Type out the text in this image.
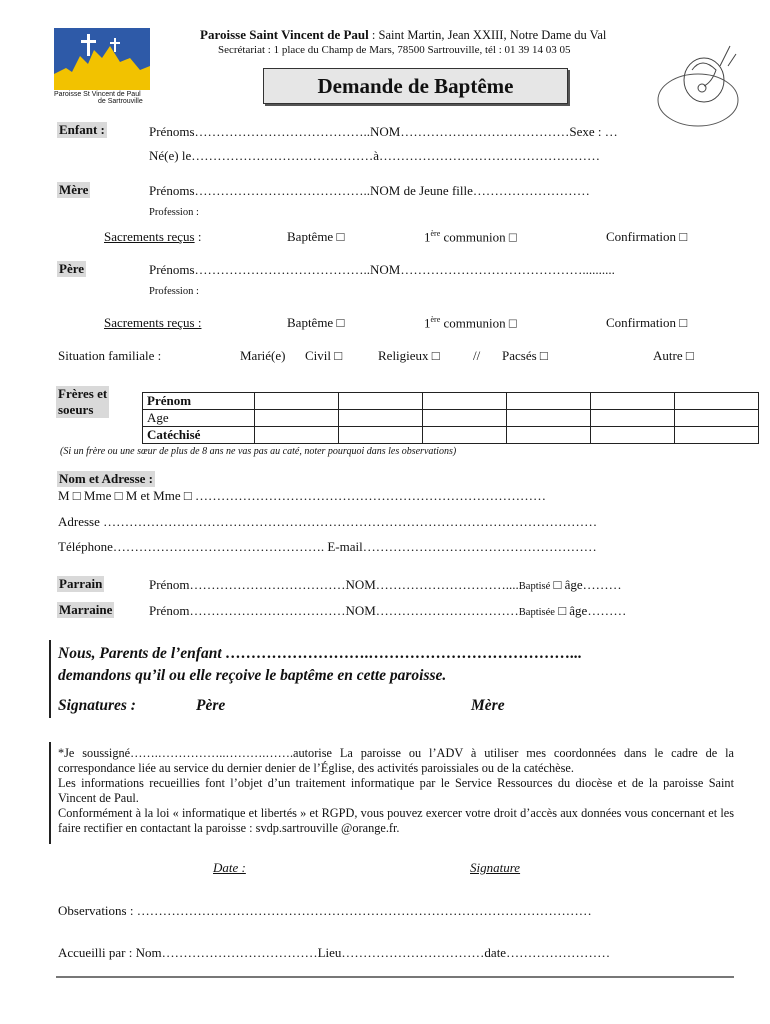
Paroisse St Vincent de Paul
de Sartrouville
Paroisse Saint Vincent de Paul : Saint Martin, Jean XXIII, Notre Dame du Val
Secrétariat : 1 place du Champ de Mars, 78500 Sartrouville, tél : 01 39 14 03 05
Demande de Baptême
Enfant :	Prénoms…………………………………..NOM…………………………………Sexe : …
Né(e) le……………………………………à……………………………………………
Mère	Prénoms…………………………………..NOM de Jeune fille………………………
Profession :
Sacrements reçus :	Baptême □	1ère communion □	Confirmation □
Père	Prénoms…………………………………..NOM……………………………………..........
Profession :
Sacrements reçus :	Baptême □	1ère communion □	Confirmation □
Situation familiale :	Marié(e) Civil □	Religieux □	// Pacsés □	Autre □
Frères et
soeurs
Prénom						
Age						
Catéchisé						
(Si un frère ou une sœur de plus de 8 ans ne vas pas au caté, noter pourquoi dans les observations)
Nom et Adresse :
M □ Mme □ M et Mme □ ………………………………………………………………………
Adresse ……………………………………………………………………………………………………
Téléphone…………………………………………. E-mail………………………………………………
Parrain	Prénom………………………………NOM…………………………....Baptisé □ âge………
Marraine	Prénom………………………………NOM……………………………Baptisée □ âge………
Nous, Parents de l’enfant ……………………….…………………………………...
demandons qu’il ou elle reçoive le baptême en cette paroisse.
Signatures :	Père	Mère
*Je soussigné…….……………..……….…….autorise La paroisse ou l’ADV à utiliser mes coordonnées dans le cadre de la correspondance liée au service du dernier denier de l’Église, des activités paroissiales ou de la catéchèse.
Les informations recueillies font l’objet d’un traitement informatique par le Service Ressources du diocèse et de la paroisse Saint Vincent de Paul.
Conformément à la loi « informatique et libertés » et RGPD, vous pouvez exercer votre droit d’accès aux données vous concernant et les faire rectifier en contactant la paroisse : svdp.sartrouville @orange.fr.
Date :	Signature
Observations : ……………………………………………………………………………………………
Accueilli par : Nom………………………………Lieu……………………………date……………………
